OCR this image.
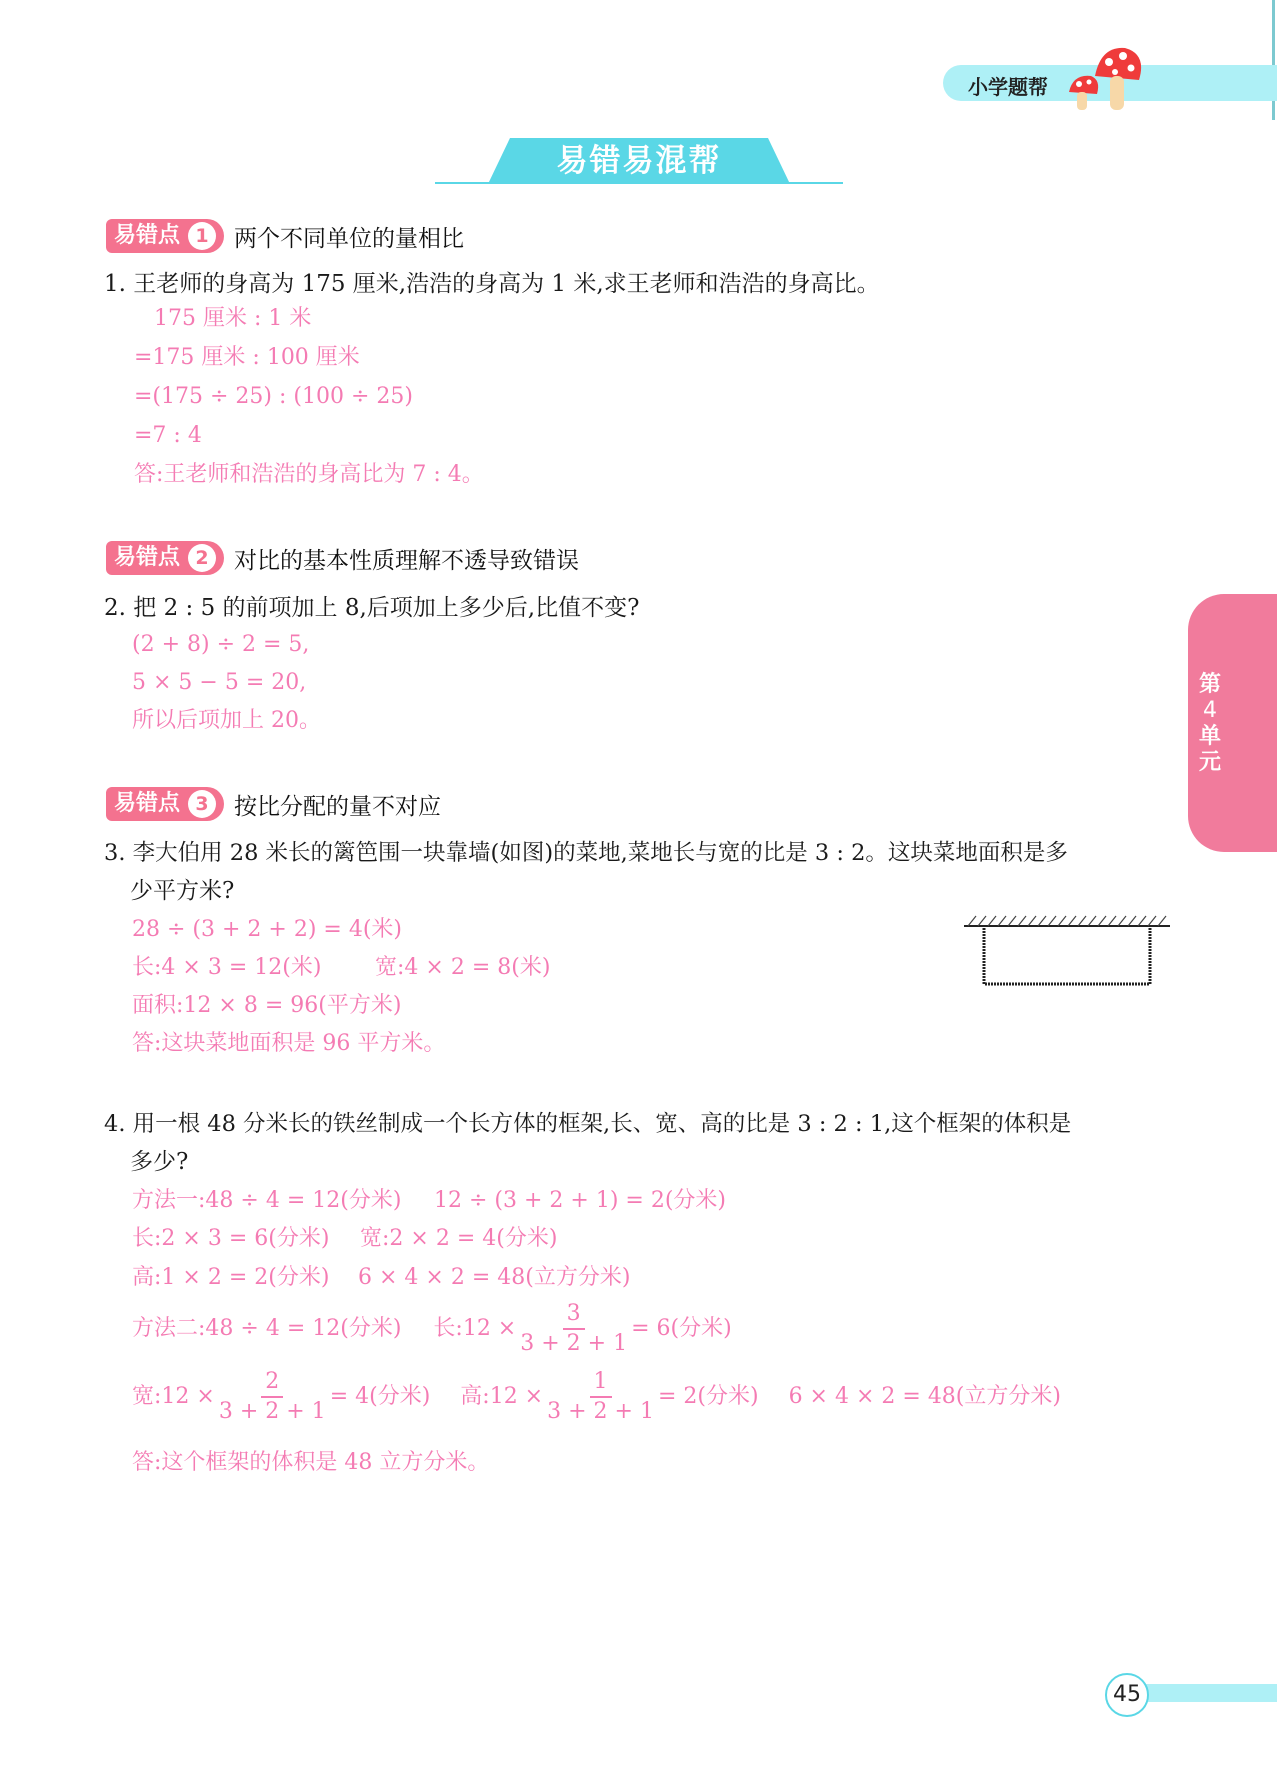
小学题帮
易错易混帮
第
4
单
元
易错点 1	两个不同单位的量相比
1. 王老师的身高为 175 厘米,浩浩的身高为 1 米,求王老师和浩浩的身高比。
175 厘米 : 1 米
=175 厘米 : 100 厘米
=(175 ÷ 25) : (100 ÷ 25)
=7 : 4
答:王老师和浩浩的身高比为 7 : 4。
易错点 2	对比的基本性质理解不透导致错误
2. 把 2 : 5 的前项加上 8,后项加上多少后,比值不变?
(2 + 8) ÷ 2 = 5,
5 × 5 − 5 = 20,
所以后项加上 20。
易错点 3	按比分配的量不对应
3. 李大伯用 28 米长的篱笆围一块靠墙(如图)的菜地,菜地长与宽的比是 3 : 2。这块菜地面积是多
少平方米?
28 ÷ (3 + 2 + 2) = 4(米)
长:4 × 3 = 12(米) 宽:4 × 2 = 8(米)
面积:12 × 8 = 96(平方米)
答:这块菜地面积是 96 平方米。
4. 用一根 48 分米长的铁丝制成一个长方体的框架,长、宽、高的比是 3 : 2 : 1,这个框架的体积是
多少?
方法一:48 ÷ 4 = 12(分米) 12 ÷ (3 + 2 + 1) = 2(分米)
长:2 × 3 = 6(分米) 宽:2 × 2 = 4(分米)
高:1 × 2 = 2(分米) 6 × 4 × 2 = 48(立方分米)
方法二:48 ÷ 4 = 12(分米) 长:12 × $\frac{3}{3 + 2 + 1} = 6$(分米)
宽:12 × $\frac{2}{3 + 2 + 1} = 4$(分米) 高:12 × $\frac{1}{3 + 2 + 1} = 2$(分米) 6 × 4 × 2 = 48(立方分米)
答:这个框架的体积是 48 立方分米。
45
